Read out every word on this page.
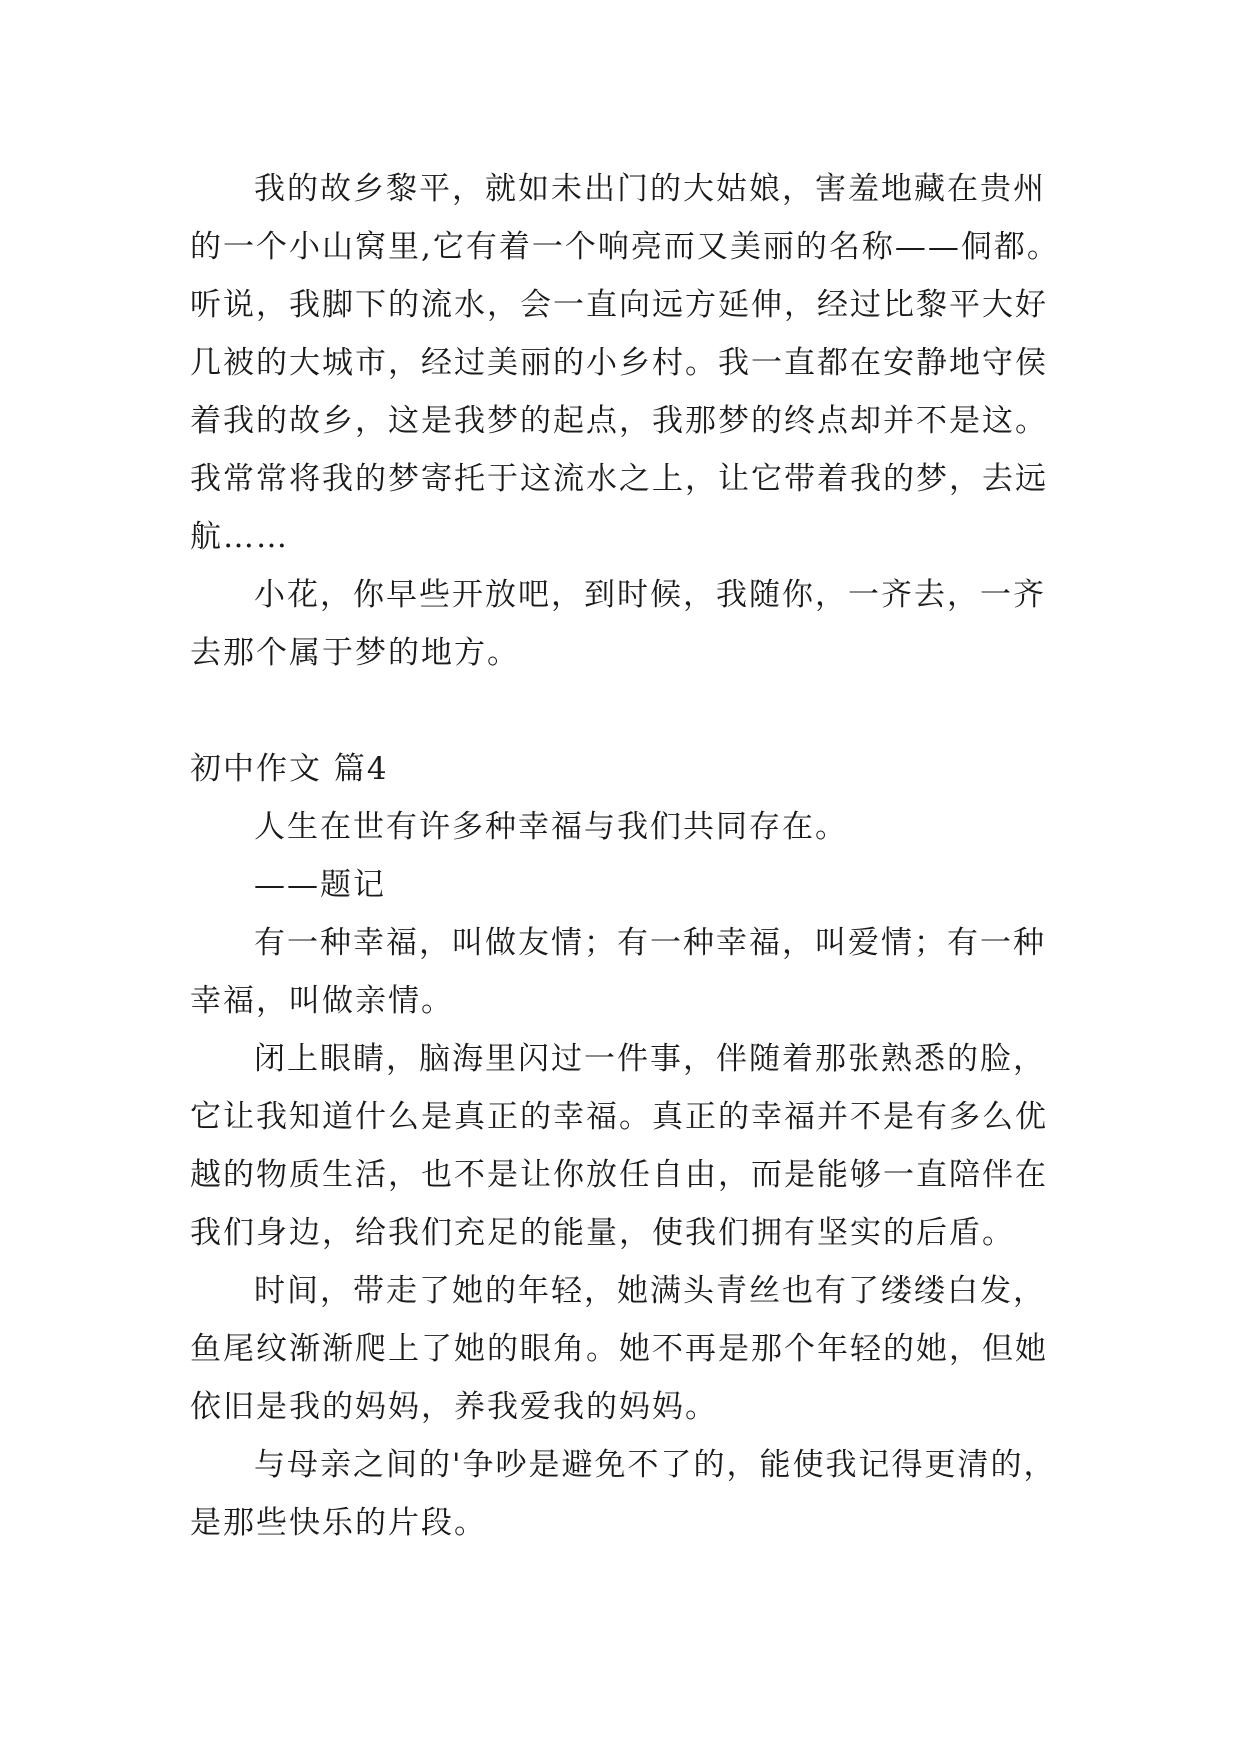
我的故乡黎平，就如未出门的大姑娘，害羞地藏在贵州
的一个小山窝里,它有着一个响亮而又美丽的名称——侗都。
听说，我脚下的流水，会一直向远方延伸，经过比黎平大好
几被的大城市，经过美丽的小乡村。我一直都在安静地守侯
着我的故乡，这是我梦的起点，我那梦的终点却并不是这。
我常常将我的梦寄托于这流水之上，让它带着我的梦，去远
航……
小花，你早些开放吧，到时候，我随你，一齐去，一齐
去那个属于梦的地方。
初中作文 篇4
人生在世有许多种幸福与我们共同存在。
——题记
有一种幸福，叫做友情；有一种幸福，叫爱情；有一种
幸福，叫做亲情。
闭上眼睛，脑海里闪过一件事，伴随着那张熟悉的脸，
它让我知道什么是真正的幸福。真正的幸福并不是有多么优
越的物质生活，也不是让你放任自由，而是能够一直陪伴在
我们身边，给我们充足的能量，使我们拥有坚实的后盾。
时间，带走了她的年轻，她满头青丝也有了缕缕白发，
鱼尾纹渐渐爬上了她的眼角。她不再是那个年轻的她，但她
依旧是我的妈妈，养我爱我的妈妈。
与母亲之间的'争吵是避免不了的，能使我记得更清的，
是那些快乐的片段。
